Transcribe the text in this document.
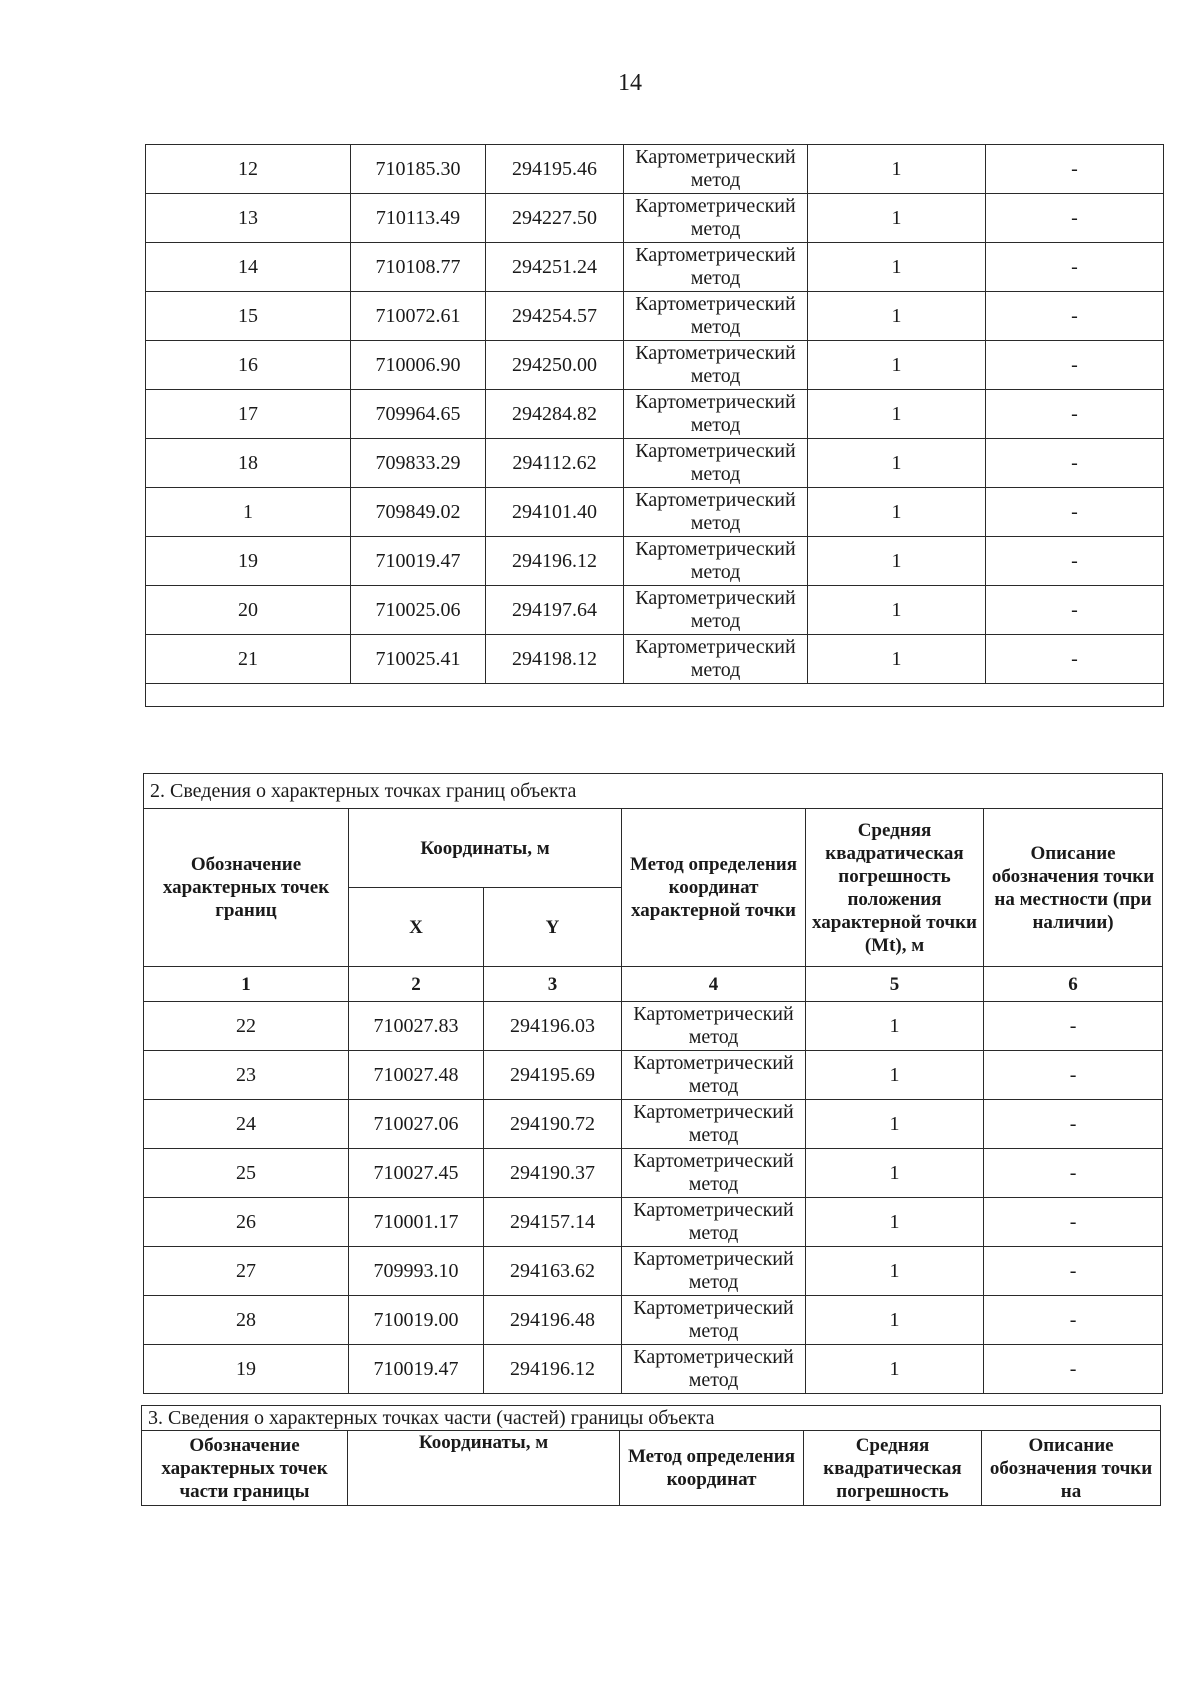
14
12	710185.30	294195.46	Картометрический метод	1	-
13	710113.49	294227.50	Картометрический метод	1	-
14	710108.77	294251.24	Картометрический метод	1	-
15	710072.61	294254.57	Картометрический метод	1	-
16	710006.90	294250.00	Картометрический метод	1	-
17	709964.65	294284.82	Картометрический метод	1	-
18	709833.29	294112.62	Картометрический метод	1	-
1	709849.02	294101.40	Картометрический метод	1	-
19	710019.47	294196.12	Картометрический метод	1	-
20	710025.06	294197.64	Картометрический метод	1	-
21	710025.41	294198.12	Картометрический метод	1	-

2. Сведения о характерных точках границ объекта					
Обозначение характерных точек границ	Координаты, м		Метод определения координат характерной точки	Средняя квадратическая погрешность положения характерной точки (Mt), м	Описание обозначения точки на местности (при наличии)
	X	Y			
1	2	3	4	5	6
22	710027.83	294196.03	Картометрический метод	1	-
23	710027.48	294195.69	Картометрический метод	1	-
24	710027.06	294190.72	Картометрический метод	1	-
25	710027.45	294190.37	Картометрический метод	1	-
26	710001.17	294157.14	Картометрический метод	1	-
27	709993.10	294163.62	Картометрический метод	1	-
28	710019.00	294196.48	Картометрический метод	1	-
19	710019.47	294196.12	Картометрический метод	1	-
3. Сведения о характерных точках части (частей) границы объекта
Обозначение характерных точек части границы	Координаты, м	Метод определения координат	Средняя квадратическая погрешность	Описание обозначения точки на
